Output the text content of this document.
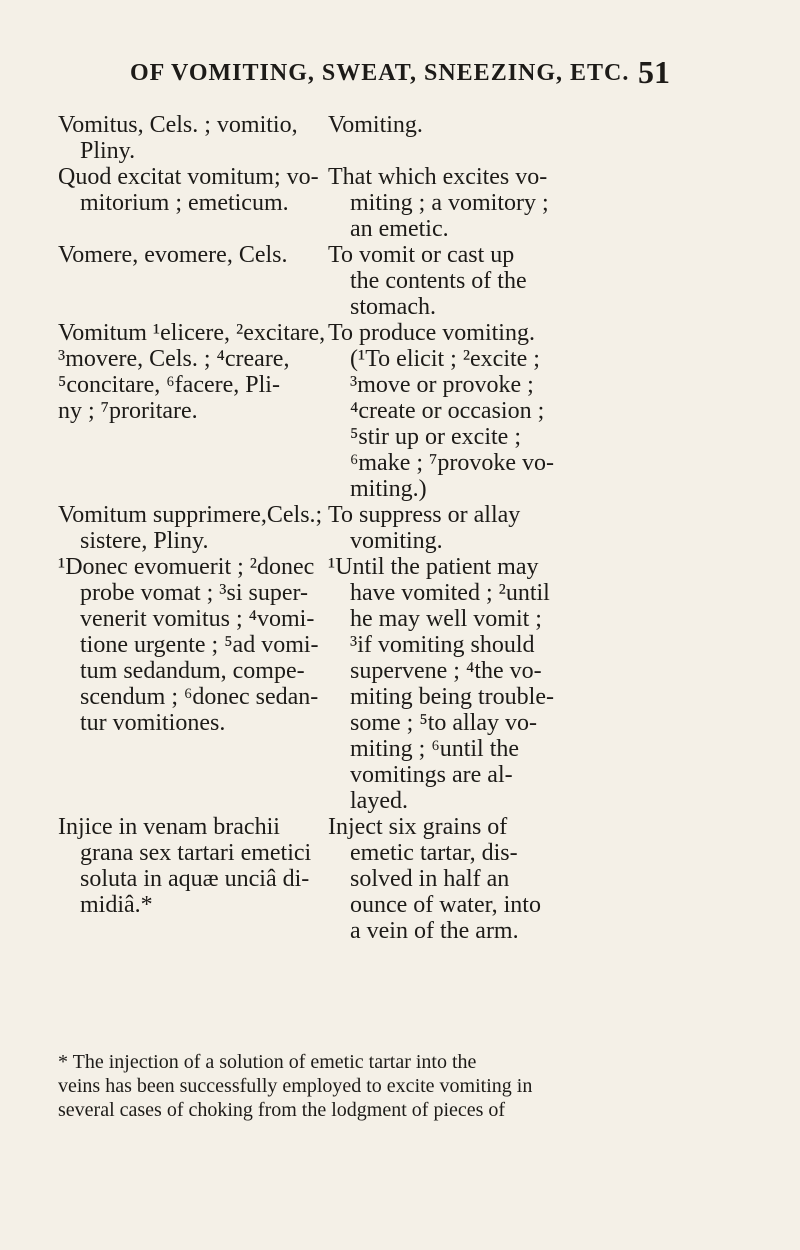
OF VOMITING, SWEAT, SNEEZING, ETC. 51
Vomitus, Cels. ; vomitio,
Pliny.
Vomiting.
Quod excitat vomitum; vo-
mitorium ; emeticum.
That which excites vo-
miting ; a vomitory ;
an emetic.
Vomere, evomere, Cels.	To vomit or cast up
the contents of the
stomach.
Vomitum ¹elicere, ²excitare,
³movere, Cels. ; ⁴creare,
⁵concitare, ⁶facere, Pli-
ny ; ⁷proritare.
To produce vomiting.
(¹To elicit ; ²excite ;
³move or provoke ;
⁴create or occasion ;
⁵stir up or excite ;
⁶make ; ⁷provoke vo-
miting.)
Vomitum supprimere,Cels.;
sistere, Pliny.
To suppress or allay
vomiting.
¹Donec evomuerit ; ²donec
probe vomat ; ³si super-
venerit vomitus ; ⁴vomi-
tione urgente ; ⁵ad vomi-
tum sedandum, compe-
scendum ; ⁶donec sedan-
tur vomitiones.
¹Until the patient may
have vomited ; ²until
he may well vomit ;
³if vomiting should
supervene ; ⁴the vo-
miting being trouble-
some ; ⁵to allay vo-
miting ; ⁶until the
vomitings are al-
layed.
Injice in venam brachii
grana sex tartari emetici
soluta in aquæ unciâ di-
midiâ.*
Inject six grains of
emetic tartar, dis-
solved in half an
ounce of water, into
a vein of the arm.
* The injection of a solution of emetic tartar into the
veins has been successfully employed to excite vomiting in
several cases of choking from the lodgment of pieces of
